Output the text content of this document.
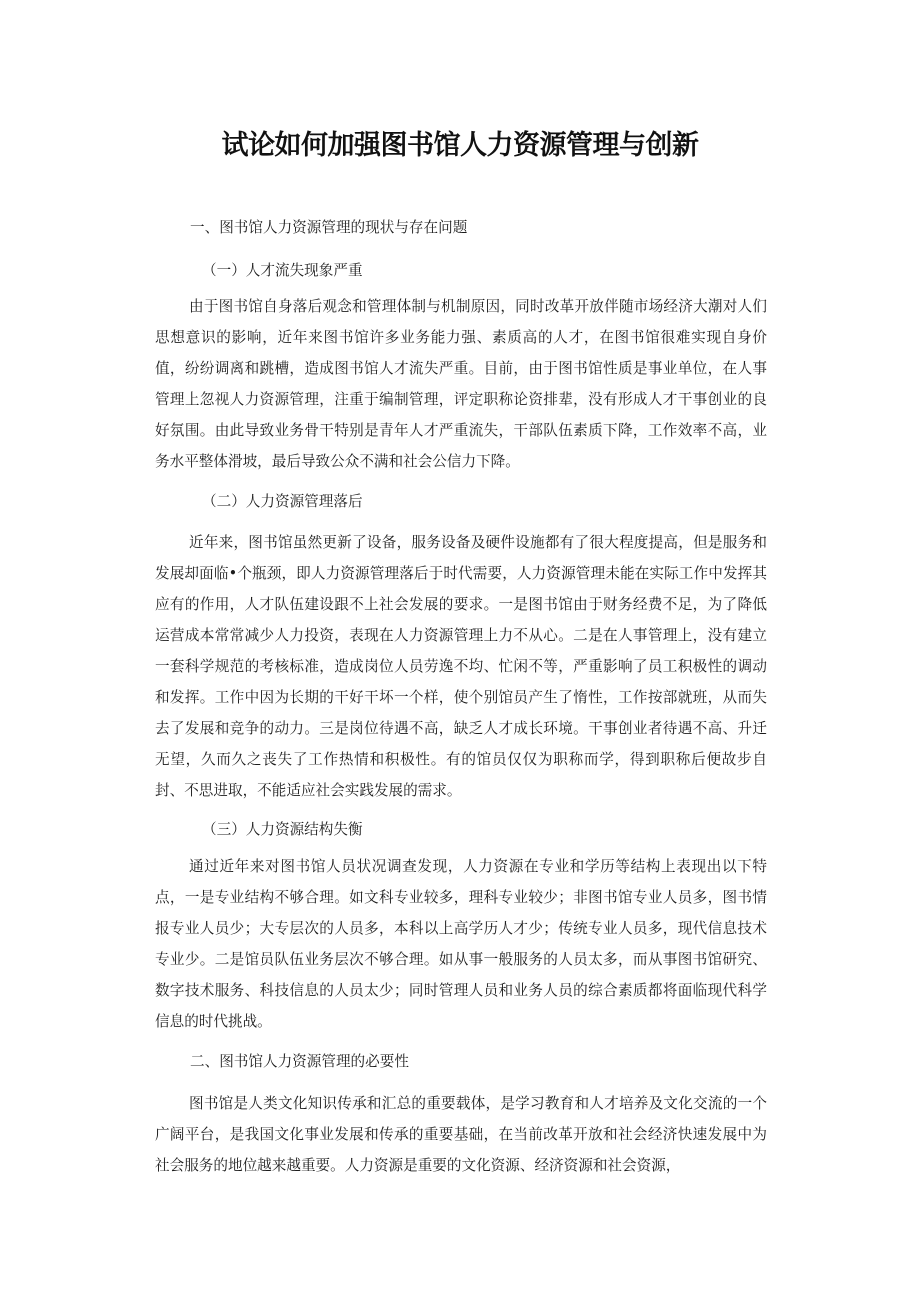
试论如何加强图书馆人力资源管理与创新

一、图书馆人力资源管理的现状与存在问题

（一）人才流失现象严重

由于图书馆自身落后观念和管理体制与机制原因，同时改革开放伴随市场经济大潮对人们思想意识的影响，近年来图书馆许多业务能力强、素质高的人才，在图书馆很难实现自身价值，纷纷调离和跳槽，造成图书馆人才流失严重。目前，由于图书馆性质是事业单位，在人事管理上忽视人力资源管理，注重于编制管理，评定职称论资排辈，没有形成人才干事创业的良好氛围。由此导致业务骨干特别是青年人才严重流失，干部队伍素质下降，工作效率不高，业务水平整体滑坡，最后导致公众不满和社会公信力下降。

（二）人力资源管理落后

近年来，图书馆虽然更新了设备，服务设备及硬件设施都有了很大程度提高，但是服务和发展却面临•个瓶颈，即人力资源管理落后于时代需要，人力资源管理未能在实际工作中发挥其应有的作用，人才队伍建设跟不上社会发展的要求。一是图书馆由于财务经费不足，为了降低运营成本常常减少人力投资，表现在人力资源管理上力不从心。二是在人事管理上，没有建立一套科学规范的考核标准，造成岗位人员劳逸不均、忙闲不等，严重影响了员工积极性的调动和发挥。工作中因为长期的干好干坏一个样，使个别馆员产生了惰性，工作按部就班，从而失去了发展和竞争的动力。三是岗位待遇不高，缺乏人才成长环境。干事创业者待遇不高、升迁无望，久而久之丧失了工作热情和积极性。有的馆员仅仅为职称而学，得到职称后便故步自封、不思进取，不能适应社会实践发展的需求。

（三）人力资源结构失衡

通过近年来对图书馆人员状况调查发现，人力资源在专业和学历等结构上表现出以下特点，一是专业结构不够合理。如文科专业较多，理科专业较少；非图书馆专业人员多，图书情报专业人员少；大专层次的人员多，本科以上高学历人才少；传统专业人员多，现代信息技术专业少。二是馆员队伍业务层次不够合理。如从事一般服务的人员太多，而从事图书馆研究、数字技术服务、科技信息的人员太少；同时管理人员和业务人员的综合素质都将面临现代科学信息的时代挑战。

二、图书馆人力资源管理的必要性

图书馆是人类文化知识传承和汇总的重要载体，是学习教育和人才培养及文化交流的一个广阔平台，是我国文化事业发展和传承的重要基础，在当前改革开放和社会经济快速发展中为社会服务的地位越来越重要。人力资源是重要的文化资源、经济资源和社会资源，
